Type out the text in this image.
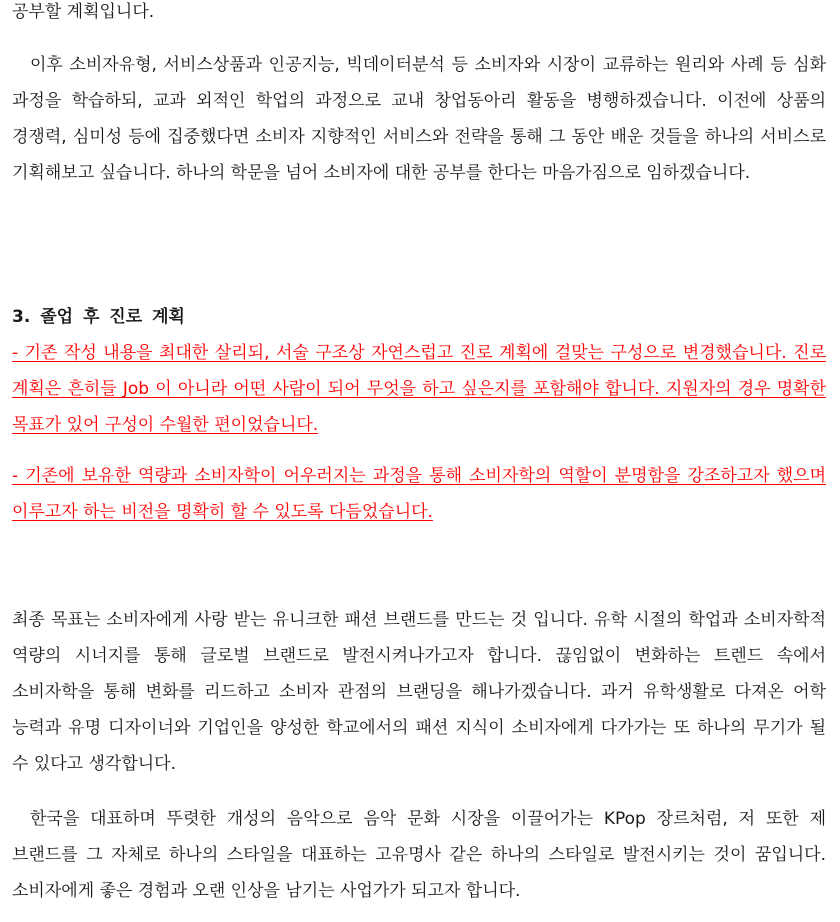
공부할 계획입니다.

이후 소비자유형, 서비스상품과 인공지능, 빅데이터분석 등 소비자와 시장이 교류하는 원리와 사례 등 심화 과정을 학습하되, 교과 외적인 학업의 과정으로 교내 창업동아리 활동을 병행하겠습니다. 이전에 상품의 경쟁력, 심미성 등에 집중했다면 소비자 지향적인 서비스와 전략을 통해 그 동안 배운 것들을 하나의 서비스로 기획해보고 싶습니다. 하나의 학문을 넘어 소비자에 대한 공부를 한다는 마음가짐으로 임하겠습니다.

3. 졸업 후 진로 계획

- 기존 작성 내용을 최대한 살리되, 서술 구조상 자연스럽고 진로 계획에 걸맞는 구성으로 변경했습니다. 진로 계획은 흔히들 Job 이 아니라 어떤 사람이 되어 무엇을 하고 싶은지를 포함해야 합니다. 지원자의 경우 명확한 목표가 있어 구성이 수월한 편이었습니다.

- 기존에 보유한 역량과 소비자학이 어우러지는 과정을 통해 소비자학의 역할이 분명함을 강조하고자 했으며 이루고자 하는 비전을 명확히 할 수 있도록 다듬었습니다.

최종 목표는 소비자에게 사랑 받는 유니크한 패션 브랜드를 만드는 것 입니다. 유학 시절의 학업과 소비자학적 역량의 시너지를 통해 글로벌 브랜드로 발전시켜나가고자 합니다. 끊임없이 변화하는 트렌드 속에서 소비자학을 통해 변화를 리드하고 소비자 관점의 브랜딩을 해나가겠습니다. 과거 유학생활로 다져온 어학 능력과 유명 디자이너와 기업인을 양성한 학교에서의 패션 지식이 소비자에게 다가가는 또 하나의 무기가 될 수 있다고 생각합니다.

한국을 대표하며 뚜렷한 개성의 음악으로 음악 문화 시장을 이끌어가는 KPop 장르처럼, 저 또한 제 브랜드를 그 자체로 하나의 스타일을 대표하는 고유명사 같은 하나의 스타일로 발전시키는 것이 꿈입니다. 소비자에게 좋은 경험과 오랜 인상을 남기는 사업가가 되고자 합니다.
